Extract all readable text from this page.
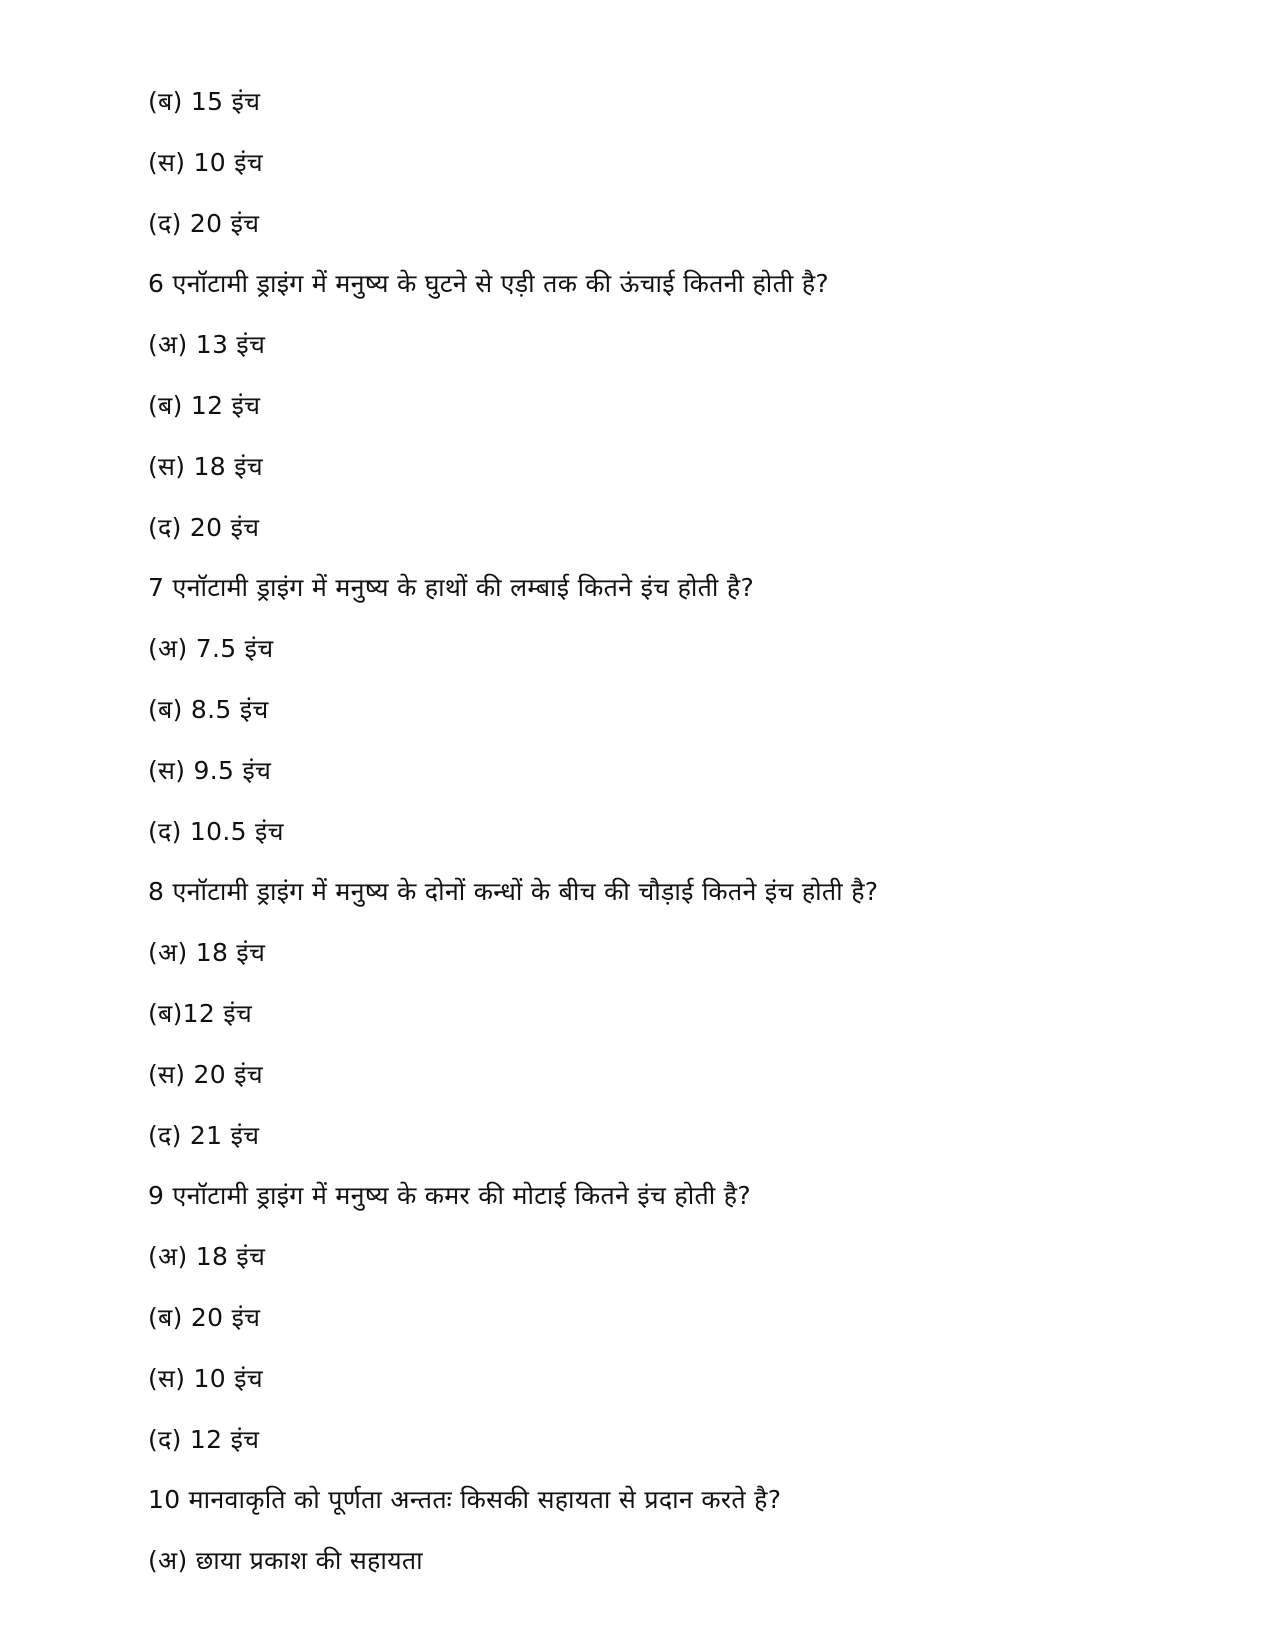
(ब) 15 इंच
(स) 10 इंच
(द) 20 इंच
6 एनॉटामी ड्राइंग में मनुष्य के घुटने से एड़ी तक की ऊंचाई कितनी होती है?
(अ) 13 इंच
(ब) 12 इंच
(स) 18 इंच
(द) 20 इंच
7 एनॉटामी ड्राइंग में मनुष्य के हाथों की लम्बाई कितने इंच होती है?
(अ) 7.5 इंच
(ब) 8.5 इंच
(स) 9.5 इंच
(द) 10.5 इंच
8 एनॉटामी ड्राइंग में मनुष्य के दोनों कन्धों के बीच की चौड़ाई कितने इंच होती है?
(अ) 18 इंच
(ब)12 इंच
(स) 20 इंच
(द) 21 इंच
9 एनॉटामी ड्राइंग में मनुष्य के कमर की मोटाई कितने इंच होती है?
(अ) 18 इंच
(ब) 20 इंच
(स) 10 इंच
(द) 12 इंच
10 मानवाकृति को पूर्णता अन्ततः किसकी सहायता से प्रदान करते है?
(अ) छाया प्रकाश की सहायता
